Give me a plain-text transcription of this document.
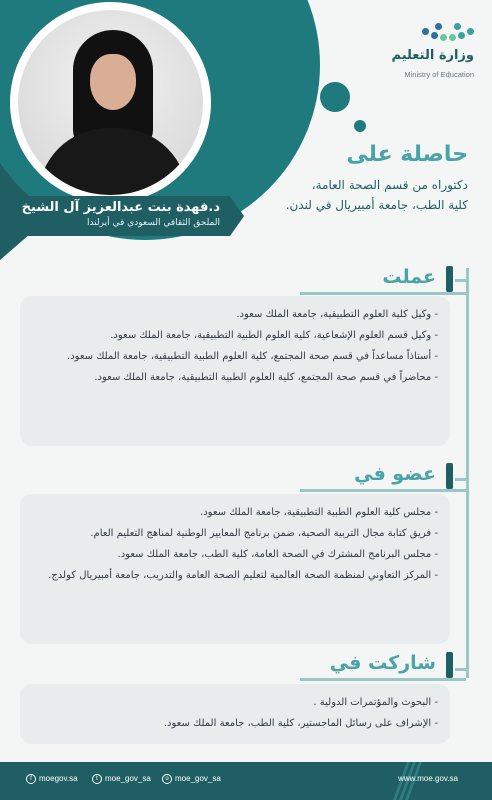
د.فهدة بنت عبدالعزيز آل الشيخ
الملحق الثقافي السعودي في أيرلندا
وزارة التعليم
Ministry of Education
حاصلة على
دكتوراه من قسم الصحة العامة،
كلية الطب، جامعة أمبيريال في لندن.
عملت

- وكيل كلية العلوم التطبيقية، جامعة الملك سعود.

- وكيل قسم العلوم الإشعاعية، كلية العلوم الطبية التطبيقية، جامعة الملك سعود.

- أستاذاً مساعداً في قسم صحة المجتمع، كلية العلوم الطبية التطبيقية، جامعة الملك سعود.

- محاضراً في قسم صحة المجتمع، كلية العلوم الطبية التطبيقية، جامعة الملك سعود.

عضو في

- مجلس كلية العلوم الطبية التطبيقية، جامعة الملك سعود.

- فريق كتابة مجال التربية الصحية، ضمن برنامج المعايير الوطنية لمناهج التعليم العام.

- مجلس البرنامج المشترك في الصحة العامة، كلية الطب، جامعة الملك سعود.

- المركز التعاوني لمنظمة الصحة العالمية لتعليم الصحة العامة والتدريب، جامعة أمبيريال كولدج.

شاركت في

- البحوث والمؤتمرات الدولية .

- الإشراف على رسائل الماجستير، كلية الطب، جامعة الملك سعود.

f moegov.sa	t moe_gov_sa	o moe_gov_sa	www.moe.gov.sa
